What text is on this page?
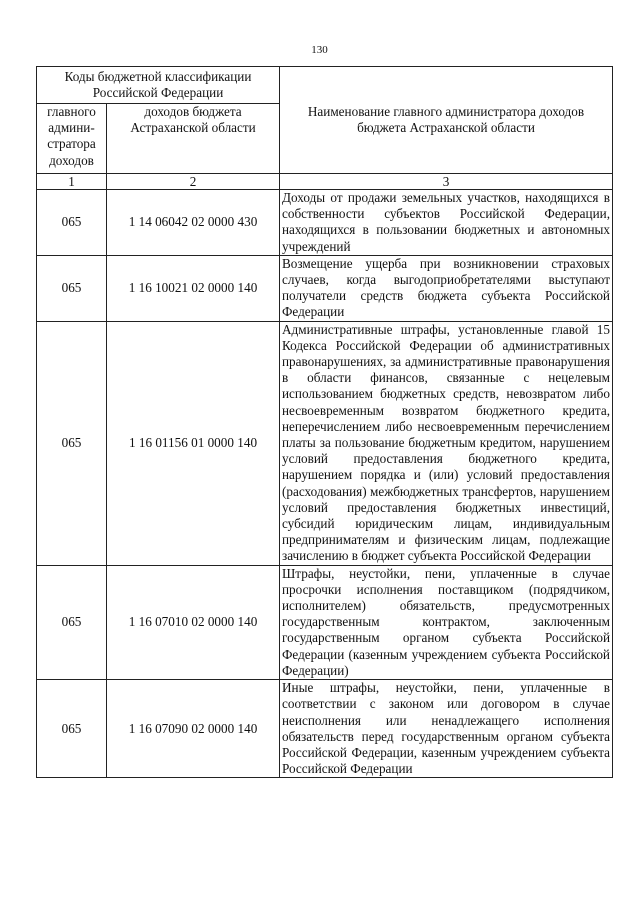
130
Коды бюджетной классификации Российской Федерации		Наименование главного администратора доходов бюджета Астраханской области
главного админи-стратора доходов	доходов бюджета Астраханской области	
1	2	3
065	1 14 06042 02 0000 430	Доходы от продажи земельных участков, находящихся в собственности субъектов Российской Федерации, находящихся в пользовании бюджетных и автономных учреждений
065	1 16 10021 02 0000 140	Возмещение ущерба при возникновении страховых случаев, когда выгодоприобретателями выступают получатели средств бюджета субъекта Российской Федерации
065	1 16 01156 01 0000 140	Административные штрафы, установленные главой 15 Кодекса Российской Федерации об административных правонарушениях, за административные правонарушения в области финансов, связанные с нецелевым использованием бюджетных средств, невозвратом либо несвоевременным возвратом бюджетного кредита, неперечислением либо несвоевременным перечислением платы за пользование бюджетным кредитом, нарушением условий предоставления бюджетного кредита, нарушением порядка и (или) условий предоставления (расходования) межбюджетных трансфертов, нарушением условий предоставления бюджетных инвестиций, субсидий юридическим лицам, индивидуальным предпринимателям и физическим лицам, подлежащие зачислению в бюджет субъекта Российской Федерации
065	1 16 07010 02 0000 140	Штрафы, неустойки, пени, уплаченные в случае просрочки исполнения поставщиком (подрядчиком, исполнителем) обязательств, предусмотренных государственным контрактом, заключенным государственным органом субъекта Российской Федерации (казенным учреждением субъекта Российской Федерации)
065	1 16 07090 02 0000 140	Иные штрафы, неустойки, пени, уплаченные в соответствии с законом или договором в случае неисполнения или ненадлежащего исполнения обязательств перед государственным органом субъекта Российской Федерации, казенным учреждением субъекта Российской Федерации
